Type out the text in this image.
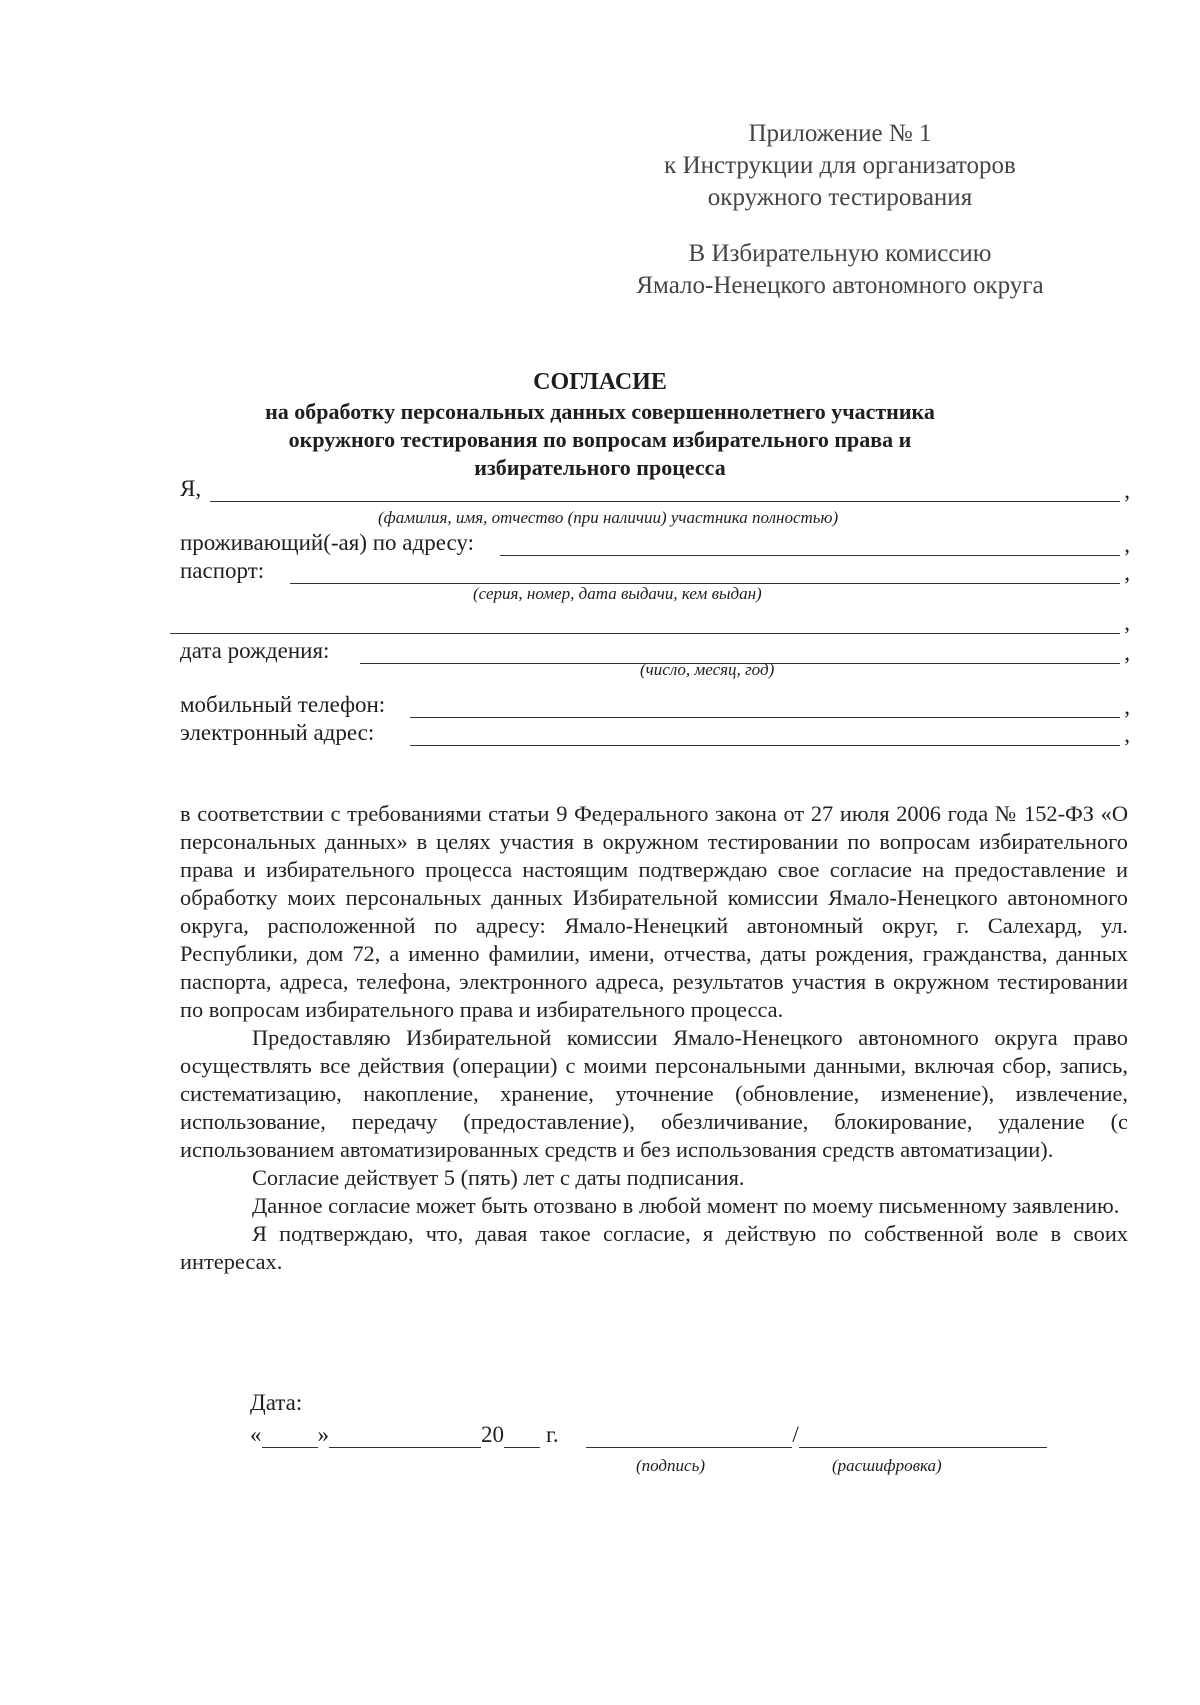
Приложение № 1
к Инструкции для организаторов
окружного тестирования
В Избирательную комиссию
Ямало-Ненецкого автономного округа
СОГЛАСИЕ
на обработку персональных данных совершеннолетнего участника
окружного тестирования по вопросам избирательного права и
избирательного процесса
Я,	,
(фамилия, имя, отчество (при наличии) участника полностью)
проживающий(-ая) по адресу:	,
паспорт:	,
(серия, номер, дата выдачи, кем выдан)
,
дата рождения:	,
(число, месяц, год)
мобильный телефон:	,
электронный адрес:	,

в соответствии с требованиями статьи 9 Федерального закона от 27 июля 2006 года № 152-ФЗ «О персональных данных» в целях участия в окружном тестировании по вопросам избирательного права и избирательного процесса настоящим подтверждаю свое согласие на предоставление и обработку моих персональных данных Избирательной комиссии Ямало-Ненецкого автономного округа, расположенной по адресу: Ямало-Ненецкий автономный округ, г. Салехард, ул. Республики, дом 72, а именно фамилии, имени, отчества, даты рождения, гражданства, данных паспорта, адреса, телефона, электронного адреса, результатов участия в окружном тестировании по вопросам избирательного права и избирательного процесса.

Предоставляю Избирательной комиссии Ямало-Ненецкого автономного округа право осуществлять все действия (операции) с моими персональными данными, включая сбор, запись, систематизацию, накопление, хранение, уточнение (обновление, изменение), извлечение, использование, передачу (предоставление), обезличивание, блокирование, удаление (с использованием автоматизированных средств и без использования средств автоматизации).

Согласие действует 5 (пять) лет с даты подписания.

Данное согласие может быть отозвано в любой момент по моему письменному заявлению.

Я подтверждаю, что, давая такое согласие, я действую по собственной воле в своих интересах.

Дата:
« »	20 г.	/
(подпись)	(расшифровка)
